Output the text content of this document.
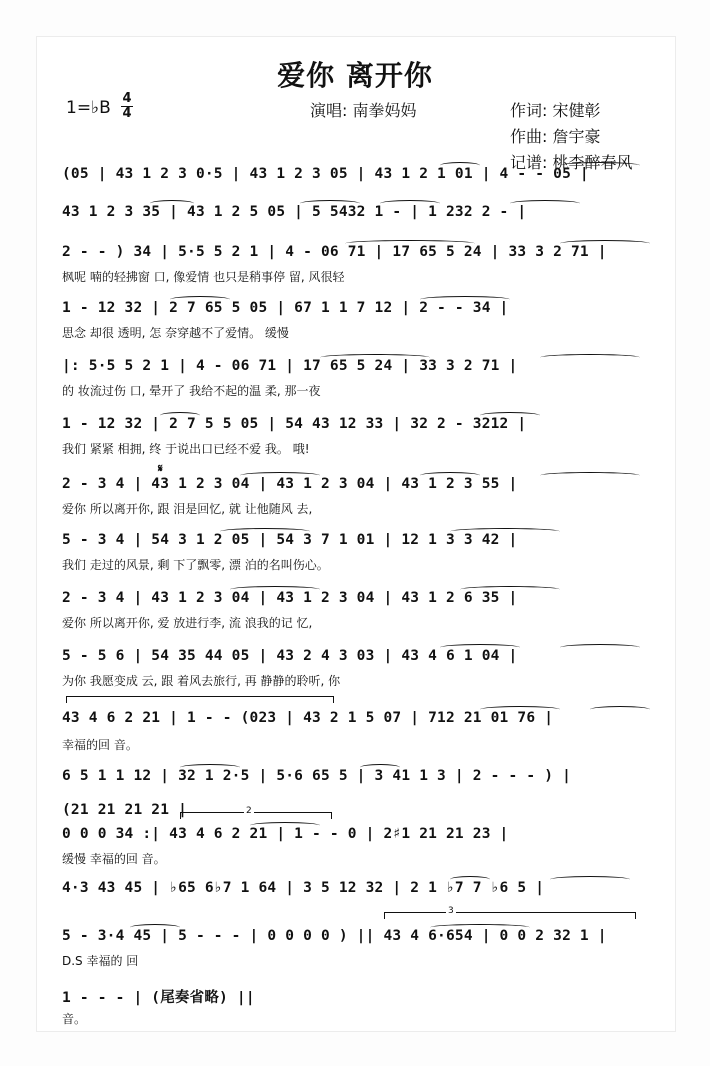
爱你 离开你
1=♭B 4
4	演唱: 南拳妈妈	作词: 宋健彰
作曲: 詹宇豪
记谱: 桃李醉春风
(05 | 43 1 2 3 0·5 | 43 1 2 3 05 | 43 1 2 1 01 | 4 - - 05 |
43 1 2 3 35 | 43 1 2 5 05 | 5 5432 1 - | 1 232 2 - |
2 - - ) 34 | 5·5 5 2 1 | 4 - 06 71 | 17 65 5 24 | 33 3 2 71 |
枫呢 喃的轻拂窗 口, 像爱情 也只是稍事停 留, 风很轻
1 - 12 32 | 2 7 65 5 05 | 67 1 1 7 12 | 2 - - 34 |
思念 却很 透明, 怎 奈穿越不了爱情。 缓慢
|: 5·5 5 2 1 | 4 - 06 71 | 17 65 5 24 | 33 3 2 71 |
的 妆流过伤 口, 晕开了 我给不起的温 柔, 那一夜
1 - 12 32 | 2 7 5 5 05 | 54 43 12 33 | 32 2 - 3212 |
我们 紧紧 相拥, 终 于说出口已经不爱 我。 哦!
2 - 3 4 | 43 1 2 3 04 | 43 1 2 3 04 | 43 1 2 3 55 |
爱你 所以离开你, 跟 泪是回忆, 就 让他随风 去,
5 - 3 4 | 54 3 1 2 05 | 54 3 7 1 01 | 12 1 3 3 42 |
我们 走过的风景, 剩 下了飘零, 漂 泊的名叫伤心。
2 - 3 4 | 43 1 2 3 04 | 43 1 2 3 04 | 43 1 2 6 35 |
爱你 所以离开你, 爱 放进行李, 流 浪我的记 忆,
5 - 5 6 | 54 35 44 05 | 43 2 4 3 03 | 43 4 6 1 04 |
为你 我愿变成 云, 跟 着风去旅行, 再 静静的聆听, 你
43 4 6 2 21 | 1 - - (023 | 43 2 1 5 07 | 712 21 01 76 |
幸福的回 音。
6 5 1 1 12 | 32 1 2·5 | 5·6 65 5 | 3 41 1 3 | 2 - - - ) |
(21 21 21 21 |
0 0 0 34 :| 43 4 6 2 21 | 1 - - 0 | 2♯1 21 21 23 |
缓慢 幸福的回 音。
4·3 43 45 | ♭65 6♭7 1 64 | 3 5 12 32 | 2 1 ♭7 7 ♭6 5 |
5 - 3·4 45 | 5 - - - | 0 0 0 0 ) || 43 4 6·654 | 0 0 2 32 1 |
D.S 幸福的 回
1 - - - | (尾奏省略) ||
音。
2
3
𝄋
